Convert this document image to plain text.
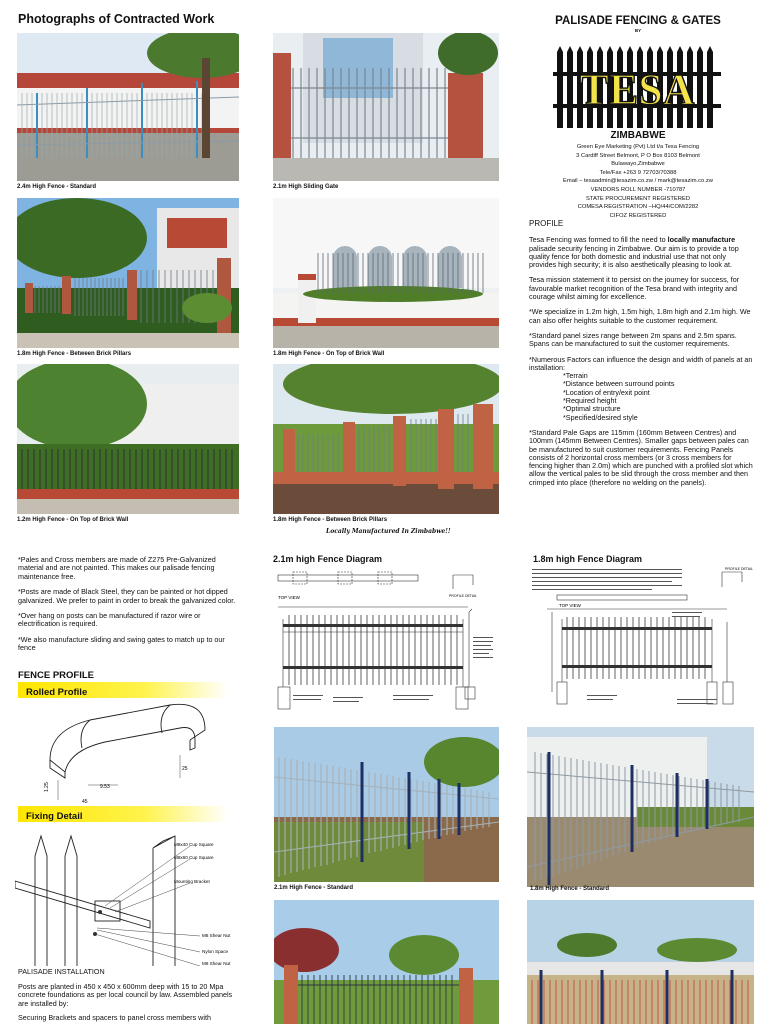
Photographs of Contracted Work
2.4m High Fence - Standard	2.1m High Sliding Gate
1.8m High Fence - Between Brick Pillars	1.8m High Fence - On Top of Brick Wall
1.2m High Fence - On Top of Brick Wall	1.8m High Fence - Between Brick Pillars
Locally Manufactured In Zimbabwe!!
PALISADE FENCING & GATES
BY
TESA
ZIMBABWE
Green Eye Marketing (Pvt) Ltd t/a Tesa Fencing
3 Cardiff Street Belmont, P O Box 8103 Belmont
Bulawayo,Zimbabwe
Tele/Fax +263 9 72703/70388
Email – tesaadmin@tesazim.co.zw / mark@tesazim.co.zw
VENDORS ROLL NUMBER -710787
STATE PROCUREMENT REGISTERED
COMESA REGISTRATION –HQ/44/COM/2282
CIFOZ REGISTERED

PROFILE

Tesa Fencing was formed to fill the need to locally manufacture palisade security fencing in Zimbabwe. Our aim is to provide a top quality fence for both domestic and industrial use that not only provides high security; it is also aesthetically pleasing to look at.

Tesa mission statement it to persist on the journey for success, for favourable market recognition of the Tesa brand with integrity and courage whilst aiming for excellence.

*We specialize in 1.2m high, 1.5m high, 1.8m high and 2.1m high. We can also offer heights suitable to the customer requirement.

*Standard panel sizes range between 2m spans and 2.5m spans. Spans can be manufactured to suit the customer requirements.

*Numerous Factors can influence the design and width of panels at an installation:

*Terrain
*Distance between surround points
*Location of entry/exit point
*Required height
*Optimal structure
*Specified/desired style

*Standard Pale Gaps are 115mm (160mm Between Centres) and 100mm (145mm Between Centres). Smaller gaps between pales can be manufactured to suit customer requirements. Fencing Panels consists of 2 horizontal cross members (or 3 cross members for fencing higher than 2.0m) which are punched with a profiled slot which allow the vertical pales to be slid through the cross member and then crimped into place (therefore no welding on the panels).

*Pales and Cross members are made of Z275 Pre-Galvanized material and are not painted. This makes our palisade fencing maintenance free.

*Posts are made of Black Steel, they can be painted or hot dipped galvanized. We prefer to paint in order to break the galvanized color.

*Over hang on posts can be manufactured if razor wire or electrification is required.

*We also manufacture sliding and swing gates to match up to our fence

FENCE PROFILE
Rolled Profile
9.53
45
25
1.25
Fixing Detail
M8x40 Cup Square
M8x60 Cup Square
Mounting Bracket
M8 Shear Nut
Nylon Space
M8 Shear Nut

PALISADE INSTALLATION

Posts are planted in 450 x 450 x 600mm deep with 15 to 20 Mpa concrete foundations as per local council by law. Assembled panels are installed by:

Securing Brackets and spacers to panel cross members with

2.1m high Fence Diagram
TOP VIEW	PROFILE DETAIL
1.8m high Fence Diagram
TOP VIEW
PROFILE DETAIL
2.1m High Fence - Standard	1.8m High Fence - Standard
